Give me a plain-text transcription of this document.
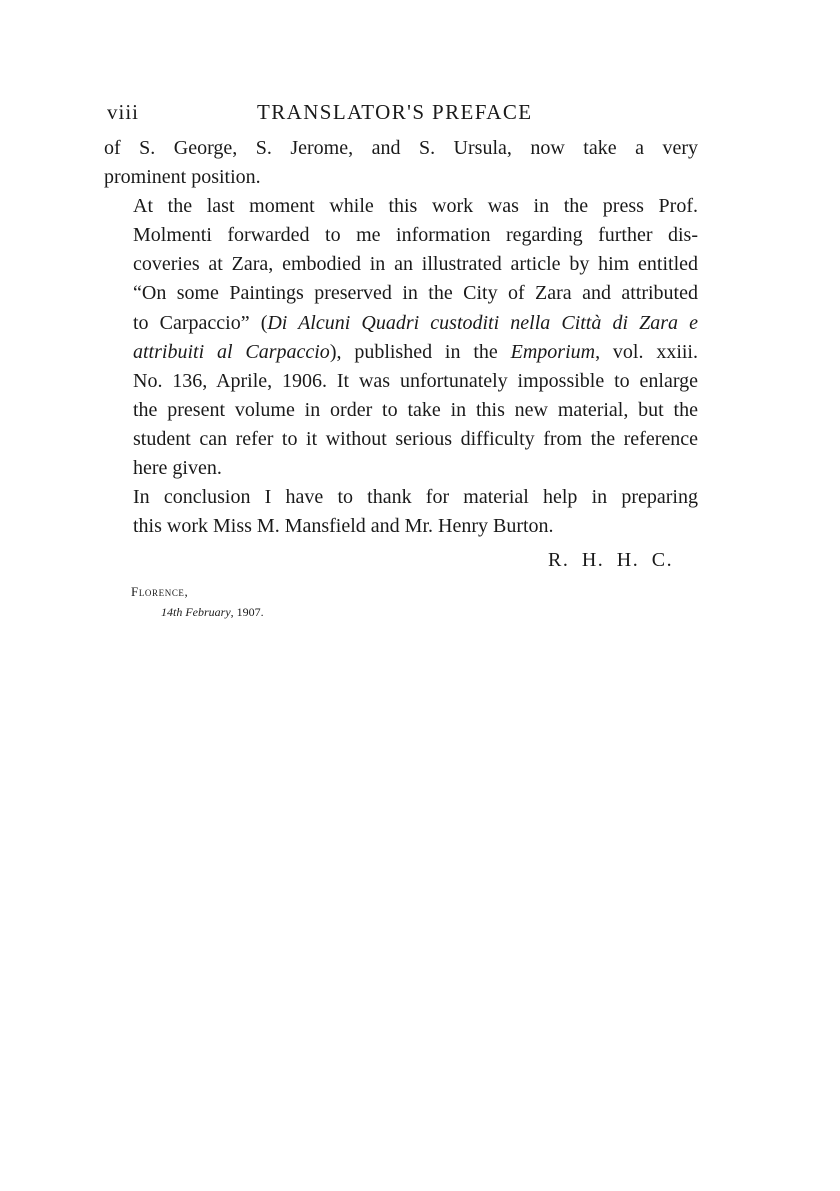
viii	TRANSLATOR'S PREFACE

of S. George, S. Jerome, and S. Ursula, now take a very
prominent position.

At the last moment while this work was in the press Prof.
Molmenti forwarded to me information regarding further dis-
coveries at Zara, embodied in an illustrated article by him entitled
“On some Paintings preserved in the City of Zara and attributed
to Carpaccio” (Di Alcuni Quadri custoditi nella Città di Zara e
attribuiti al Carpaccio), published in the Emporium, vol. xxiii.
No. 136, Aprile, 1906. It was unfortunately impossible to enlarge
the present volume in order to take in this new material, but the
student can refer to it without serious difficulty from the reference
here given.

In conclusion I have to thank for material help in preparing
this work Miss M. Mansfield and Mr. Henry Burton.

R. H. H. C.
Florence,
14th February, 1907.
